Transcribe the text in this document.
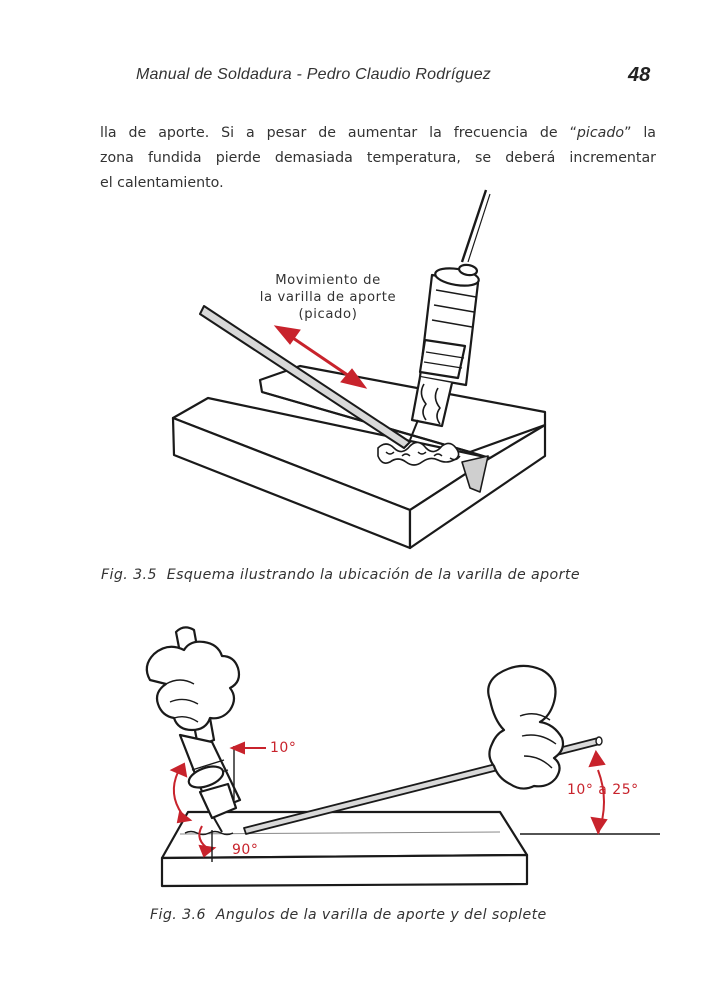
Manual de Soldadura - Pedro Claudio Rodríguez	48
lla de aporte. Si a pesar de aumentar la frecuencia de “picado” la
zona fundida pierde demasiada temperatura, se deberá incrementar
el calentamiento.
Movimiento de
la varilla de aporte
(picado)
Fig. 3.5 Esquema ilustrando la ubicación de la varilla de aporte
10°
10° a 25°
90°
Fig. 3.6 Angulos de la varilla de aporte y del soplete
